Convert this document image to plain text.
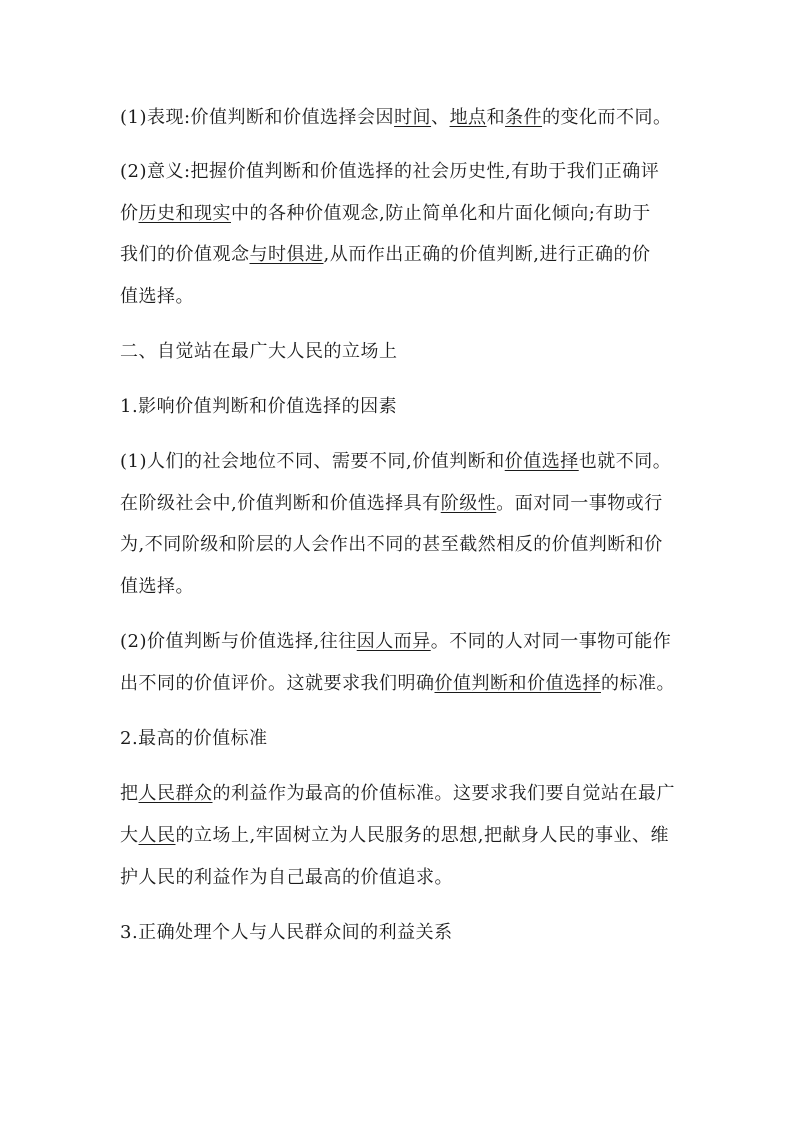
(1)表现:价值判断和价值选择会因时间、地点和条件的变化而不同。
(2)意义:把握价值判断和价值选择的社会历史性,有助于我们正确评
价历史和现实中的各种价值观念,防止简单化和片面化倾向;有助于
我们的价值观念与时俱进,从而作出正确的价值判断,进行正确的价
值选择。
二、自觉站在最广大人民的立场上
1.影响价值判断和价值选择的因素
(1)人们的社会地位不同、需要不同,价值判断和价值选择也就不同。
在阶级社会中,价值判断和价值选择具有阶级性。面对同一事物或行
为,不同阶级和阶层的人会作出不同的甚至截然相反的价值判断和价
值选择。
(2)价值判断与价值选择,往往因人而异。不同的人对同一事物可能作
出不同的价值评价。这就要求我们明确价值判断和价值选择的标准。
2.最高的价值标准
把人民群众的利益作为最高的价值标准。这要求我们要自觉站在最广
大人民的立场上,牢固树立为人民服务的思想,把献身人民的事业、维
护人民的利益作为自己最高的价值追求。
3.正确处理个人与人民群众间的利益关系
